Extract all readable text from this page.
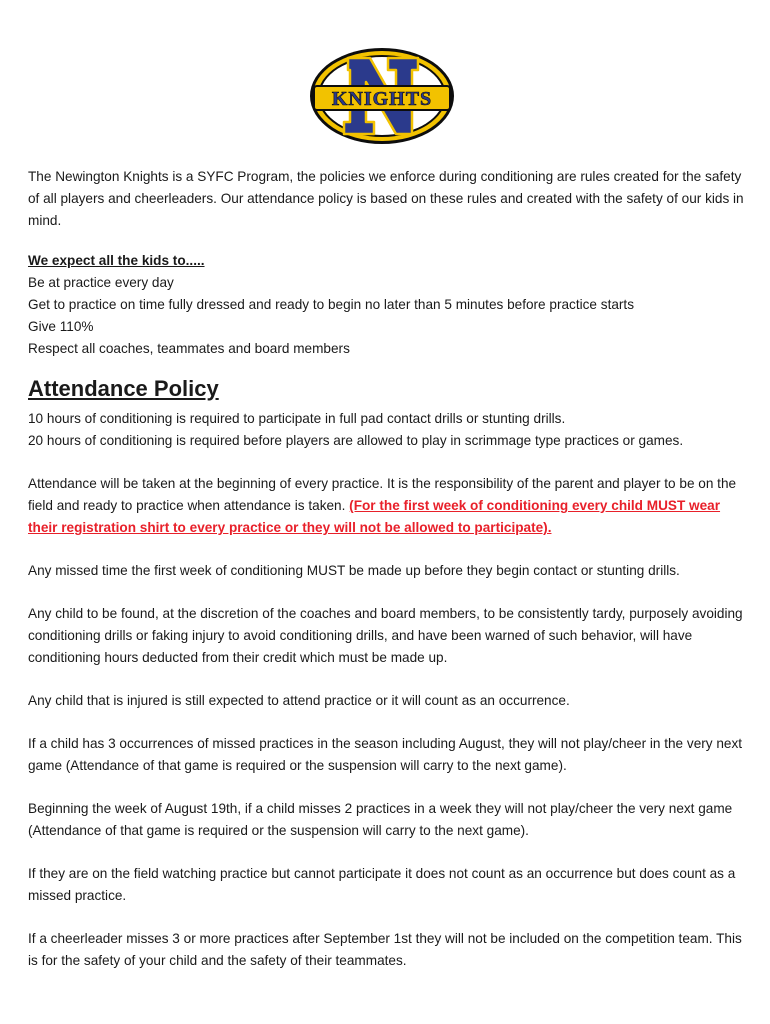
KNIGHTS

The Newington Knights is a SYFC Program, the policies we enforce during conditioning are rules created for the safety of all players and cheerleaders. Our attendance policy is based on these rules and created with the safety of our kids in mind.

We expect all the kids to.....

Be at practice every day

Get to practice on time fully dressed and ready to begin no later than 5 minutes before practice starts

Give 110%

Respect all coaches, teammates and board members

Attendance Policy

10 hours of conditioning is required to participate in full pad contact drills or stunting drills.

20 hours of conditioning is required before players are allowed to play in scrimmage type practices or games.

Attendance will be taken at the beginning of every practice. It is the responsibility of the parent and player to be on the field and ready to practice when attendance is taken. (For the first week of conditioning every child MUST wear their registration shirt to every practice or they will not be allowed to participate).

Any missed time the first week of conditioning MUST be made up before they begin contact or stunting drills.

Any child to be found, at the discretion of the coaches and board members, to be consistently tardy, purposely avoiding conditioning drills or faking injury to avoid conditioning drills, and have been warned of such behavior, will have conditioning hours deducted from their credit which must be made up.

Any child that is injured is still expected to attend practice or it will count as an occurrence.

If a child has 3 occurrences of missed practices in the season including August, they will not play/cheer in the very next game (Attendance of that game is required or the suspension will carry to the next game).

Beginning the week of August 19th, if a child misses 2 practices in a week they will not play/cheer the very next game (Attendance of that game is required or the suspension will carry to the next game).

If they are on the field watching practice but cannot participate it does not count as an occurrence but does count as a missed practice.

If a cheerleader misses 3 or more practices after September 1st they will not be included on the competition team. This is for the safety of your child and the safety of their teammates.
